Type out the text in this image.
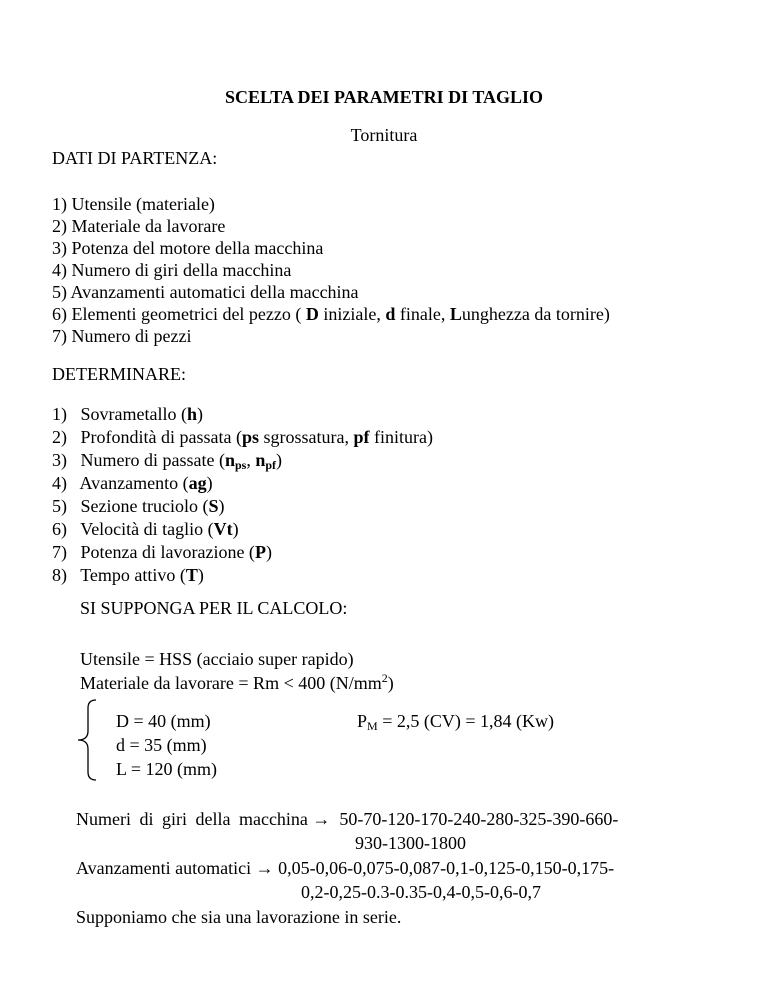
SCELTA DEI PARAMETRI DI TAGLIO
Tornitura
DATI DI PARTENZA:
1) Utensile (materiale)
2) Materiale da lavorare
3) Potenza del motore della macchina
4) Numero di giri della macchina
5) Avanzamenti automatici della macchina
6) Elementi geometrici del pezzo ( D iniziale, d finale, Lunghezza da tornire)
7) Numero di pezzi
DETERMINARE:
1) Sovrametallo (h)
2) Profondità di passata (ps sgrossatura, pf finitura)
3) Numero di passate ($n_{ps}$, $n_{pf}$)
4) Avanzamento (ag)
5) Sezione truciolo (S)
6) Velocità di taglio (Vt)
7) Potenza di lavorazione (P)
8) Tempo attivo (T)
SI SUPPONGA PER IL CALCOLO:
Utensile = HSS (acciaio super rapido)
Materiale da lavorare = Rm < 400 $(N/mm^2)$
D = 40 (mm)
d = 35 (mm)
L = 120 (mm)
$P_M = 2,5$ (CV) = 1,84 (Kw)
Numeri di giri della macchina → 50-70-120-170-240-280-325-390-660-
930-1300-1800
Avanzamenti automatici → 0,05-0,06-0,075-0,087-0,1-0,125-0,150-0,175-
0,2-0,25-0.3-0.35-0,4-0,5-0,6-0,7
Supponiamo che sia una lavorazione in serie.
